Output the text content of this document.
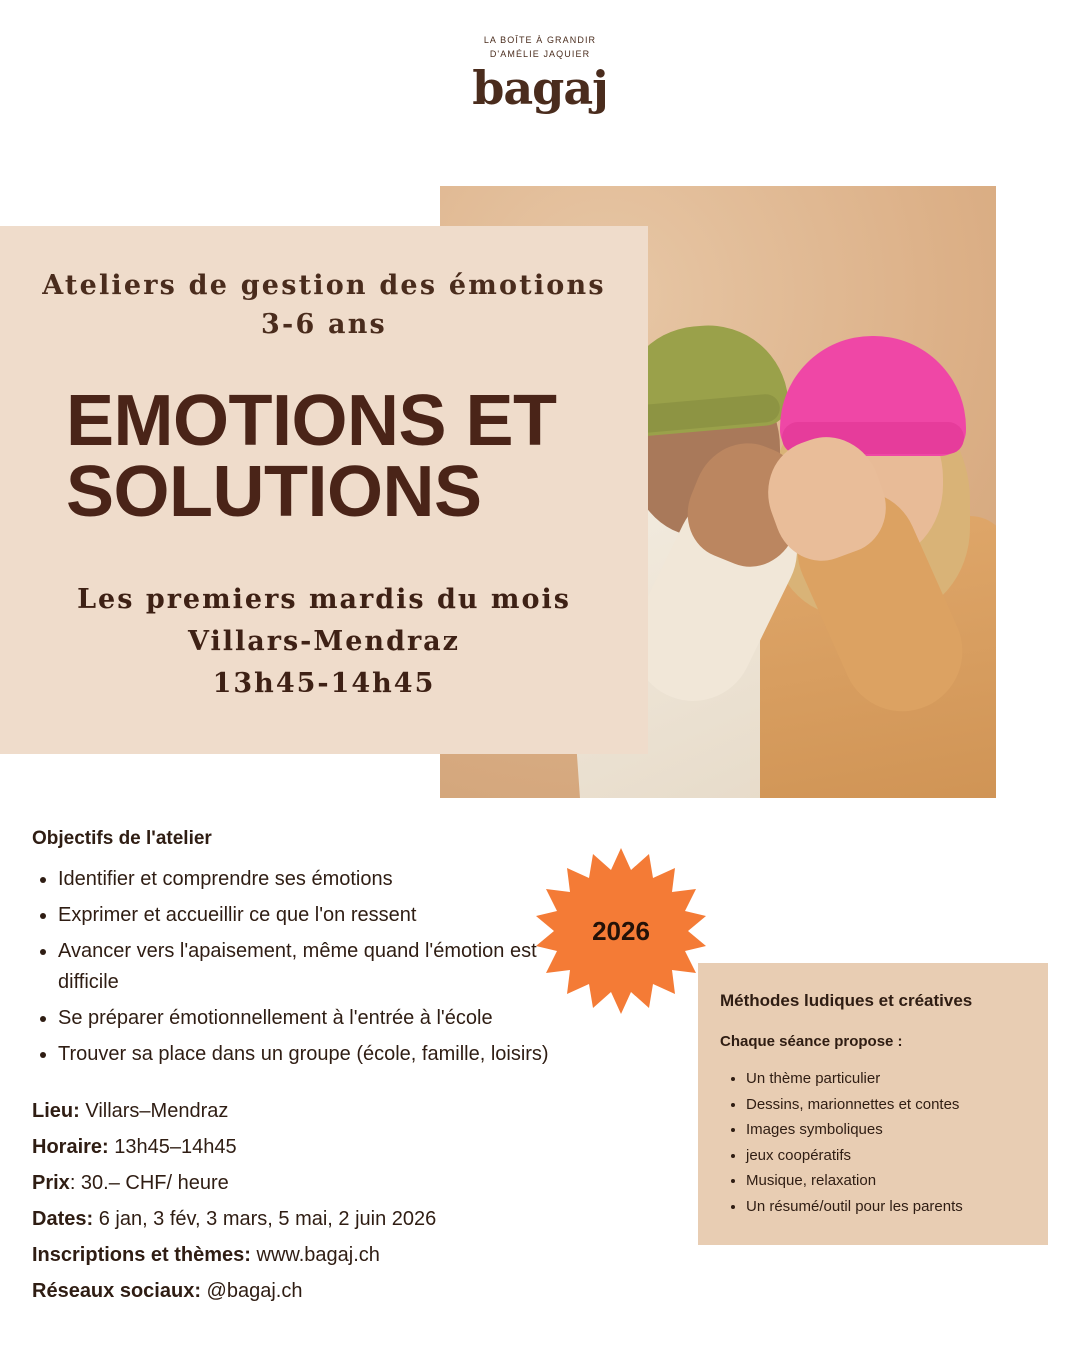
LA BOÎTE À GRANDIR
D'AMÉLIE JAQUIER
bagaj
Ateliers de gestion des émotions 3-6 ans
EMOTIONS ET
SOLUTIONS
Les premiers mardis du mois
Villars-Mendraz
13h45-14h45
2026
Objectifs de l'atelier
• Identifier et comprendre ses émotions
• Exprimer et accueillir ce que l'on ressent
• Avancer vers l'apaisement, même quand l'émotion est difficile
• Se préparer émotionnellement à l'entrée à l'école
• Trouver sa place dans un groupe (école, famille, loisirs)

Lieu: Villars–Mendraz

Horaire: 13h45–14h45

Prix: 30.– CHF/ heure

Dates: 6 jan, 3 fév, 3 mars, 5 mai, 2 juin 2026

Inscriptions et thèmes: www.bagaj.ch

Réseaux sociaux: @bagaj.ch

Méthodes ludiques et créatives
Chaque séance propose :
• Un thème particulier
• Dessins, marionnettes et contes
• Images symboliques
• jeux coopératifs
• Musique, relaxation
• Un résumé/outil pour les parents
